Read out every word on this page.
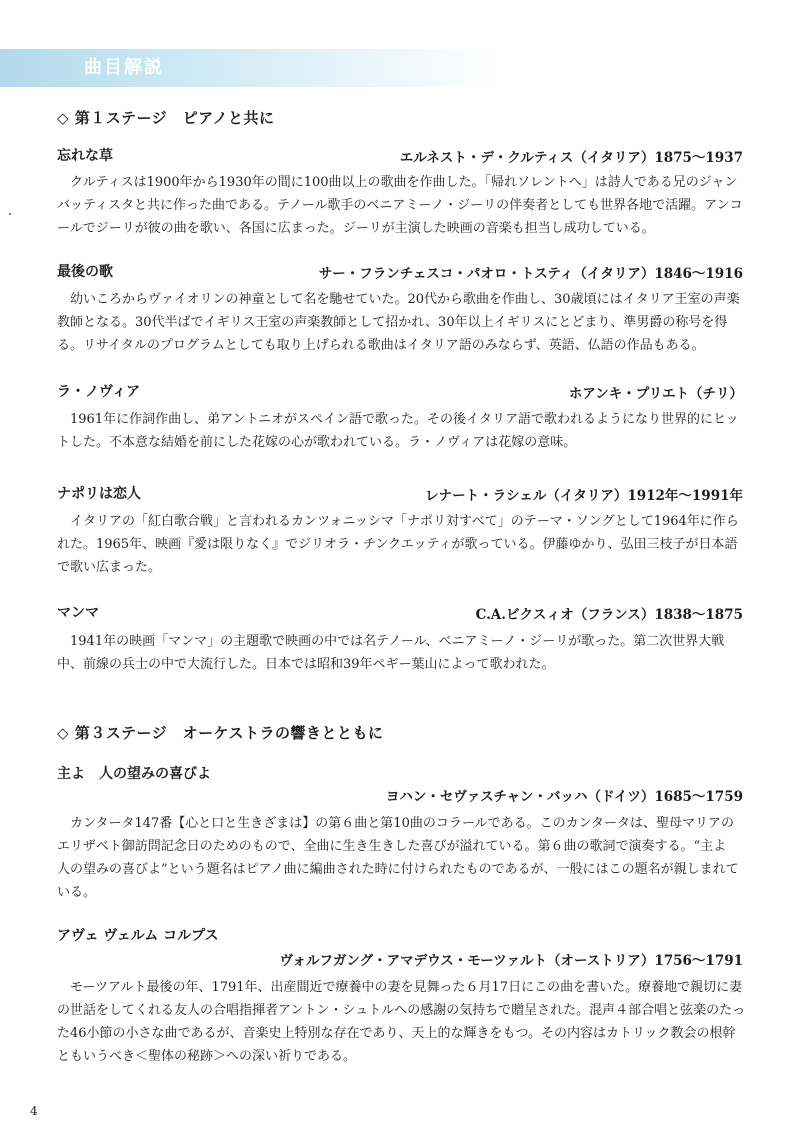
曲目解説
◇ 第１ステージ　ピアノと共に
忘れな草	エルネスト・デ・クルティス（イタリア）1875〜1937

クルティスは1900年から1930年の間に100曲以上の歌曲を作曲した。「帰れソレントへ」は詩人である兄のジャンバッティスタと共に作った曲である。テノール歌手のベニアミーノ・ジーリの伴奏者としても世界各地で活躍。アンコールでジーリが彼の曲を歌い、各国に広まった。ジーリが主演した映画の音楽も担当し成功している。

最後の歌	サー・フランチェスコ・パオロ・トスティ（イタリア）1846〜1916

幼いころからヴァイオリンの神童として名を馳せていた。20代から歌曲を作曲し、30歳頃にはイタリア王室の声楽教師となる。30代半ばでイギリス王室の声楽教師として招かれ、30年以上イギリスにとどまり、準男爵の称号を得る。リサイタルのプログラムとしても取り上げられる歌曲はイタリア語のみならず、英語、仏語の作品もある。

ラ・ノヴィア	ホアンキ・プリエト（チリ）

1961年に作詞作曲し、弟アントニオがスペイン語で歌った。その後イタリア語で歌われるようになり世界的にヒットした。不本意な結婚を前にした花嫁の心が歌われている。ラ・ノヴィアは花嫁の意味。

ナポリは恋人	レナート・ラシェル（イタリア）1912年〜1991年

イタリアの「紅白歌合戦」と言われるカンツォニッシマ「ナポリ対すべて」のテーマ・ソングとして1964年に作られた。1965年、映画『愛は限りなく』でジリオラ・チンクエッティが歌っている。伊藤ゆかり、弘田三枝子が日本語で歌い広まった。

マンマ	C.A.ビクスィオ（フランス）1838〜1875

1941年の映画「マンマ」の主題歌で映画の中では名テノール、ベニアミーノ・ジーリが歌った。第二次世界大戦中、前線の兵士の中で大流行した。日本では昭和39年ペギー葉山によって歌われた。

◇ 第３ステージ　オーケストラの響きとともに
主よ　人の望みの喜びよ
ヨハン・セヴァスチャン・バッハ（ドイツ）1685〜1759

カンタータ147番【心と口と生きざまは】の第６曲と第10曲のコラールである。このカンタータは、聖母マリアのエリザベト御訪問記念日のためのもので、全曲に生き生きした喜びが溢れている。第６曲の歌詞で演奏する。“主よ　人の望みの喜びよ”という題名はピアノ曲に編曲された時に付けられたものであるが、一般にはこの題名が親しまれている。

アヴェ ヴェルム コルプス
ヴォルフガング・アマデウス・モーツァルト（オーストリア）1756〜1791

モーツアルト最後の年、1791年、出産間近で療養中の妻を見舞った６月17日にこの曲を書いた。療養地で親切に妻の世話をしてくれる友人の合唱指揮者アントン・シュトルへの感謝の気持ちで贈呈された。混声４部合唱と弦楽のたった46小節の小さな曲であるが、音楽史上特別な存在であり、天上的な輝きをもつ。その内容はカトリック教会の根幹ともいうべき＜聖体の秘跡＞への深い祈りである。

4
